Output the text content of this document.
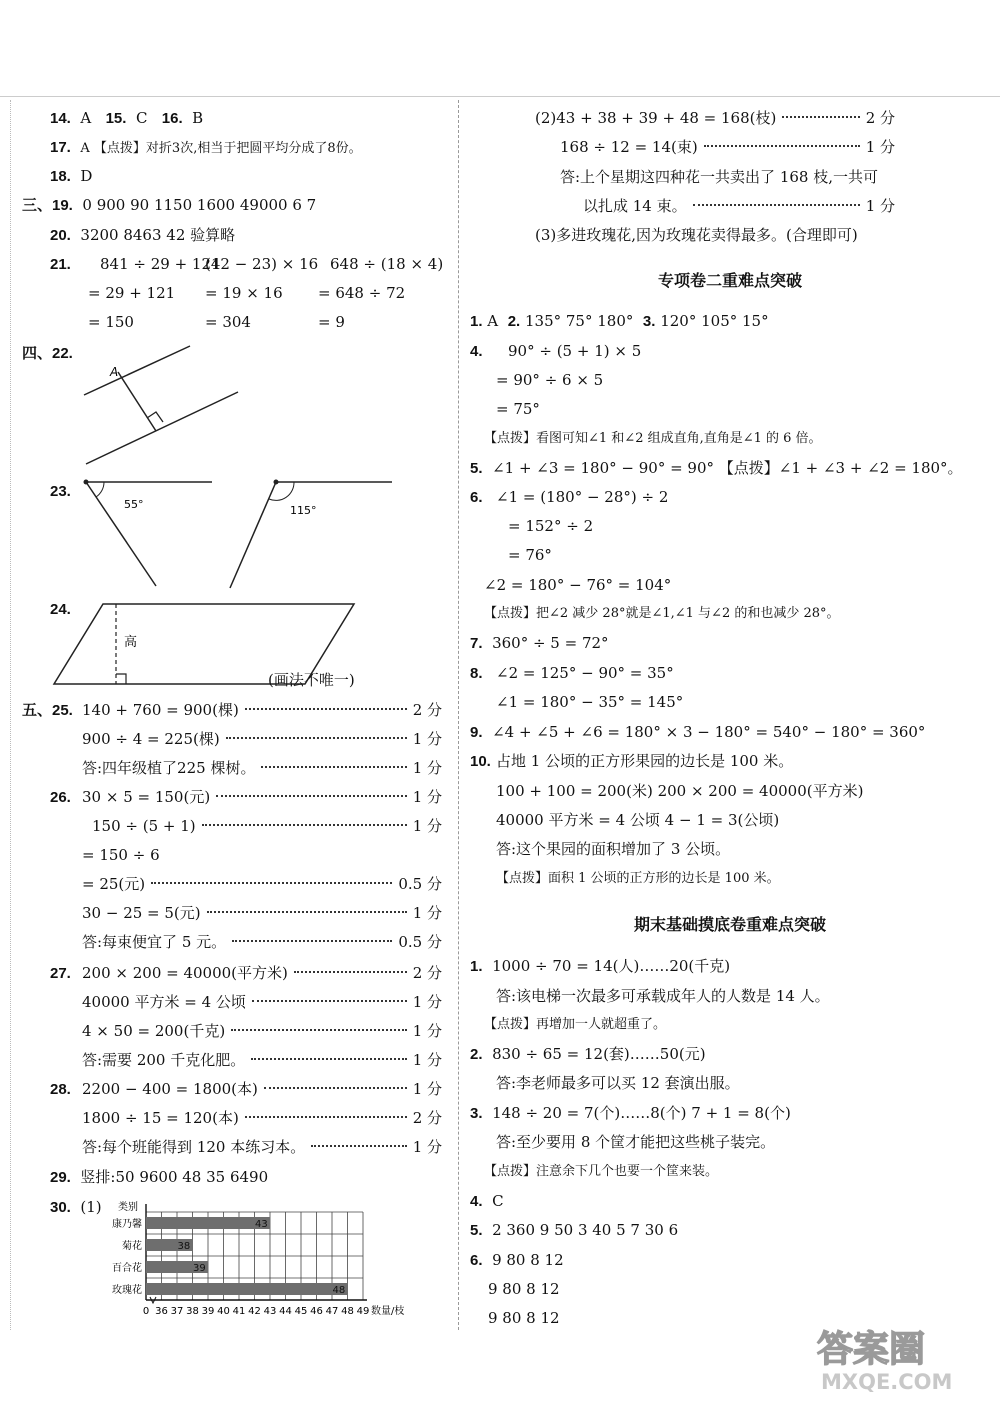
14. A 15. C 16. B
17. A 【点拨】对折3次,相当于把圆平均分成了8份。
18. D
三、19. 0 900 90 1150 1600 49000 6 7
20. 3200 8463 42 验算略
21. 841 ÷ 29 + 121
= 29 + 121
= 150
(42 − 23) × 16
= 19 × 16
= 304
648 ÷ (18 × 4)
= 648 ÷ 72
= 9
四、22.
A
23.
55°	115°
24.
高
(画法不唯一)
五、25. 140 + 760 = 900(棵)	2 分
900 ÷ 4 = 225(棵)	1 分
答:四年级植了225 棵树。	1 分
26. 30 × 5 = 150(元)	1 分
150 ÷ (5 + 1)	1 分
= 150 ÷ 6
= 25(元)	0.5 分
30 − 25 = 5(元)	1 分
答:每束便宜了 5 元。	0.5 分
27. 200 × 200 = 40000(平方米)	2 分
40000 平方米 = 4 公顷	1 分
4 × 50 = 200(千克)	1 分
答:需要 200 千克化肥。	1 分
28. 2200 − 400 = 1800(本)	1 分
1800 ÷ 15 = 120(本)	2 分
答:每个班能得到 120 本练习本。	1 分
29. 竖排:50 9600 48 35 6490
30. (1) 类别
43
康乃馨
38
菊花
39
百合花
48
玫瑰花
0 36 37 38 39 40 41 42 43 44 45 46 47 48 49 数量/枝
(2)43 + 38 + 39 + 48 = 168(枝)	2 分
168 ÷ 12 = 14(束)	1 分
答:上个星期这四种花一共卖出了 168 枝,一共可
以扎成 14 束。	1 分
(3)多进玫瑰花,因为玫瑰花卖得最多。(合理即可)
专项卷二重难点突破
1. A 2. 135° 75° 180° 3. 120° 105° 15°
4. 90° ÷ (5 + 1) × 5
= 90° ÷ 6 × 5
= 75°
【点拨】看图可知∠1 和∠2 组成直角,直角是∠1 的 6 倍。
5. ∠1 + ∠3 = 180° − 90° = 90° 【点拨】∠1 + ∠3 + ∠2 = 180°。
6. ∠1 = (180° − 28°) ÷ 2
= 152° ÷ 2
= 76°
∠2 = 180° − 76° = 104°
【点拨】把∠2 减少 28°就是∠1,∠1 与∠2 的和也减少 28°。
7. 360° ÷ 5 = 72°
8. ∠2 = 125° − 90° = 35°
∠1 = 180° − 35° = 145°
9. ∠4 + ∠5 + ∠6 = 180° × 3 − 180° = 540° − 180° = 360°
10. 占地 1 公顷的正方形果园的边长是 100 米。
100 + 100 = 200(米) 200 × 200 = 40000(平方米)
40000 平方米 = 4 公顷 4 − 1 = 3(公顷)
答:这个果园的面积增加了 3 公顷。
【点拨】面积 1 公顷的正方形的边长是 100 米。
期末基础摸底卷重难点突破
1. 1000 ÷ 70 = 14(人)……20(千克)
答:该电梯一次最多可承载成年人的人数是 14 人。
【点拨】再增加一人就超重了。
2. 830 ÷ 65 = 12(套)……50(元)
答:李老师最多可以买 12 套演出服。
3. 148 ÷ 20 = 7(个)……8(个) 7 + 1 = 8(个)
答:至少要用 8 个筐才能把这些桃子装完。
【点拨】注意余下几个也要一个筐来装。
4. C
5. 2 360 9 50 3 40 5 7 30 6
6. 9 80 8 12
9 80 8 12
9 80 8 12
答案圈
MXQE.COM
